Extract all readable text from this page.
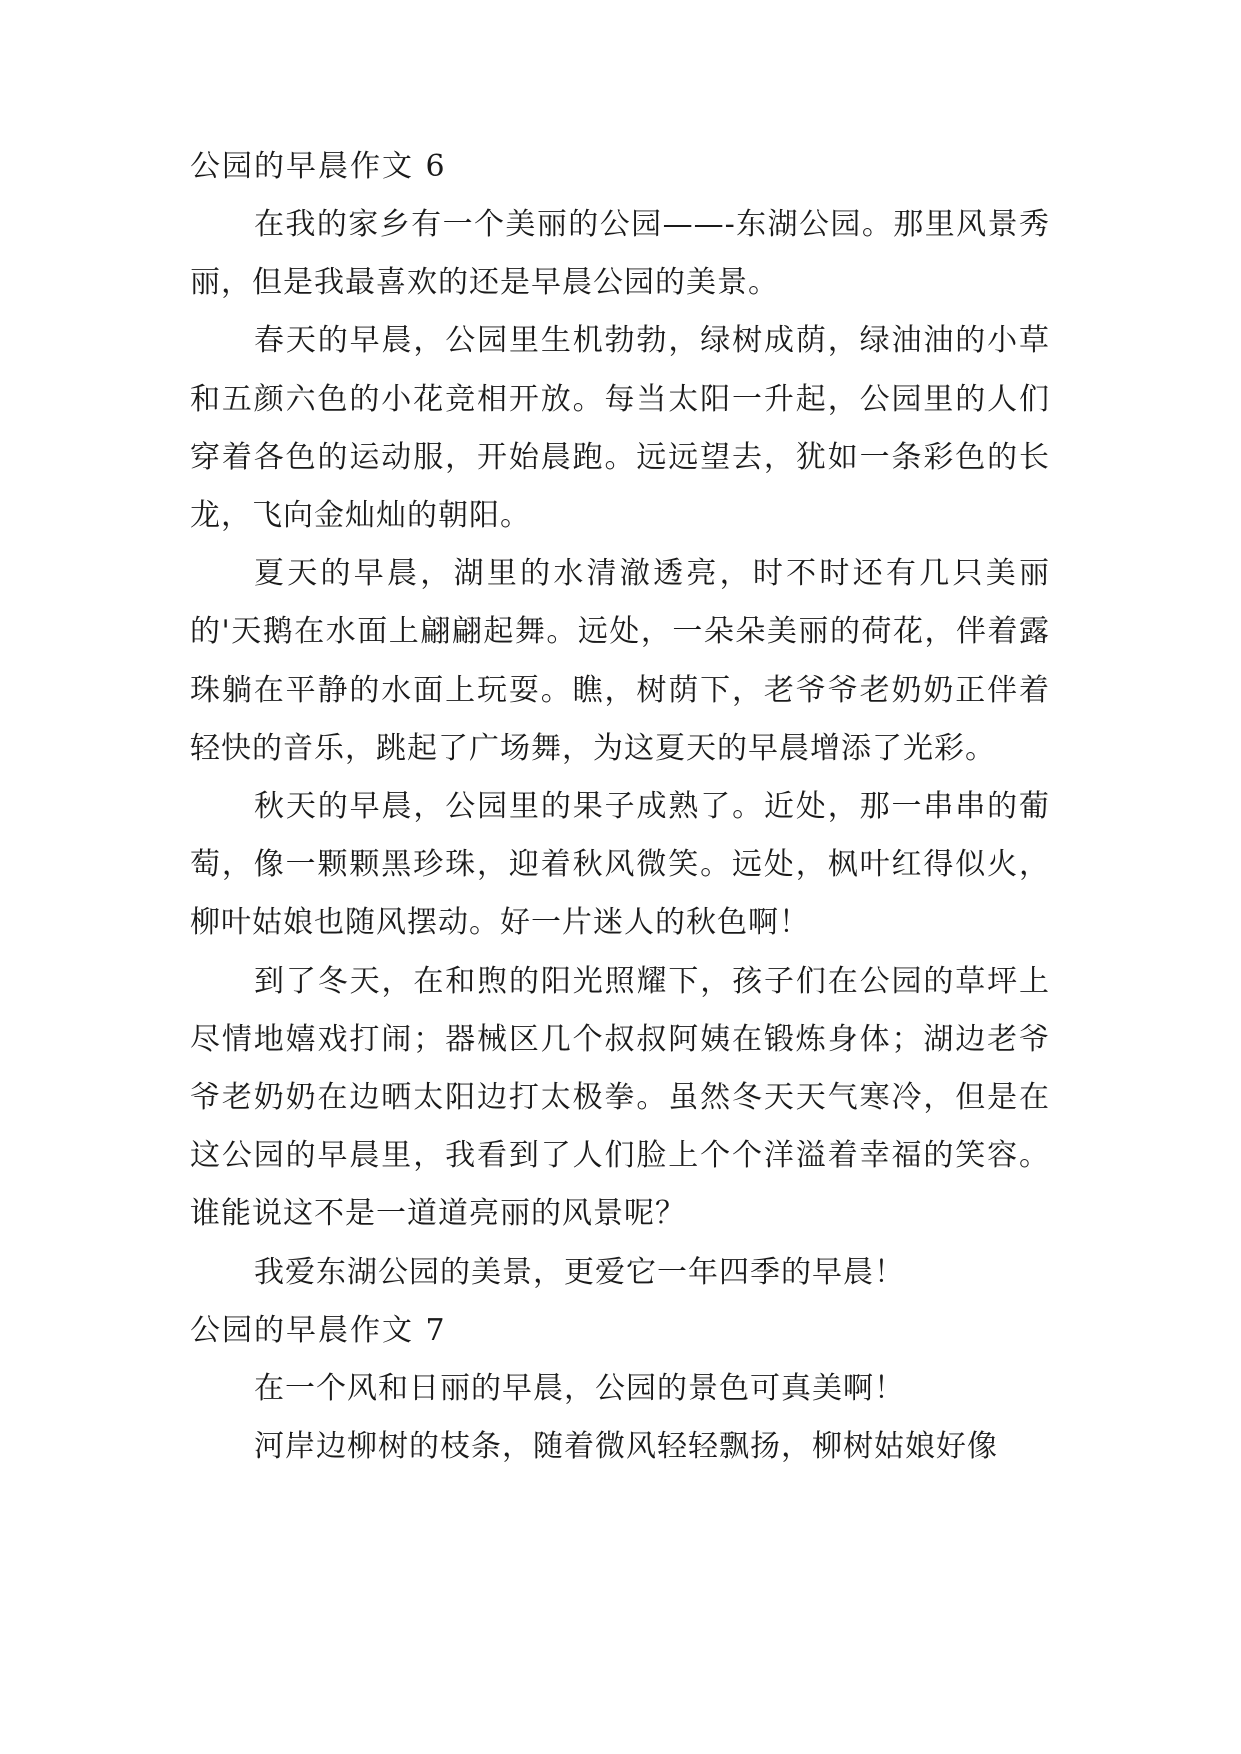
公园的早晨作文 6

在我的家乡有一个美丽的公园——-东湖公园。那里风景秀丽，但是我最喜欢的还是早晨公园的美景。

春天的早晨，公园里生机勃勃，绿树成荫，绿油油的小草和五颜六色的小花竞相开放。每当太阳一升起，公园里的人们穿着各色的运动服，开始晨跑。远远望去，犹如一条彩色的长龙，飞向金灿灿的朝阳。

夏天的早晨，湖里的水清澈透亮，时不时还有几只美丽的'天鹅在水面上翩翩起舞。远处，一朵朵美丽的荷花，伴着露珠躺在平静的水面上玩耍。瞧，树荫下，老爷爷老奶奶正伴着轻快的音乐，跳起了广场舞，为这夏天的早晨增添了光彩。

秋天的早晨，公园里的果子成熟了。近处，那一串串的葡萄，像一颗颗黑珍珠，迎着秋风微笑。远处，枫叶红得似火，柳叶姑娘也随风摆动。好一片迷人的秋色啊！

到了冬天，在和煦的阳光照耀下，孩子们在公园的草坪上尽情地嬉戏打闹；器械区几个叔叔阿姨在锻炼身体；湖边老爷爷老奶奶在边晒太阳边打太极拳。虽然冬天天气寒冷，但是在这公园的早晨里，我看到了人们脸上个个洋溢着幸福的笑容。谁能说这不是一道道亮丽的风景呢？

我爱东湖公园的美景，更爱它一年四季的早晨！

公园的早晨作文 7

在一个风和日丽的早晨，公园的景色可真美啊！

河岸边柳树的枝条，随着微风轻轻飘扬，柳树姑娘好像
